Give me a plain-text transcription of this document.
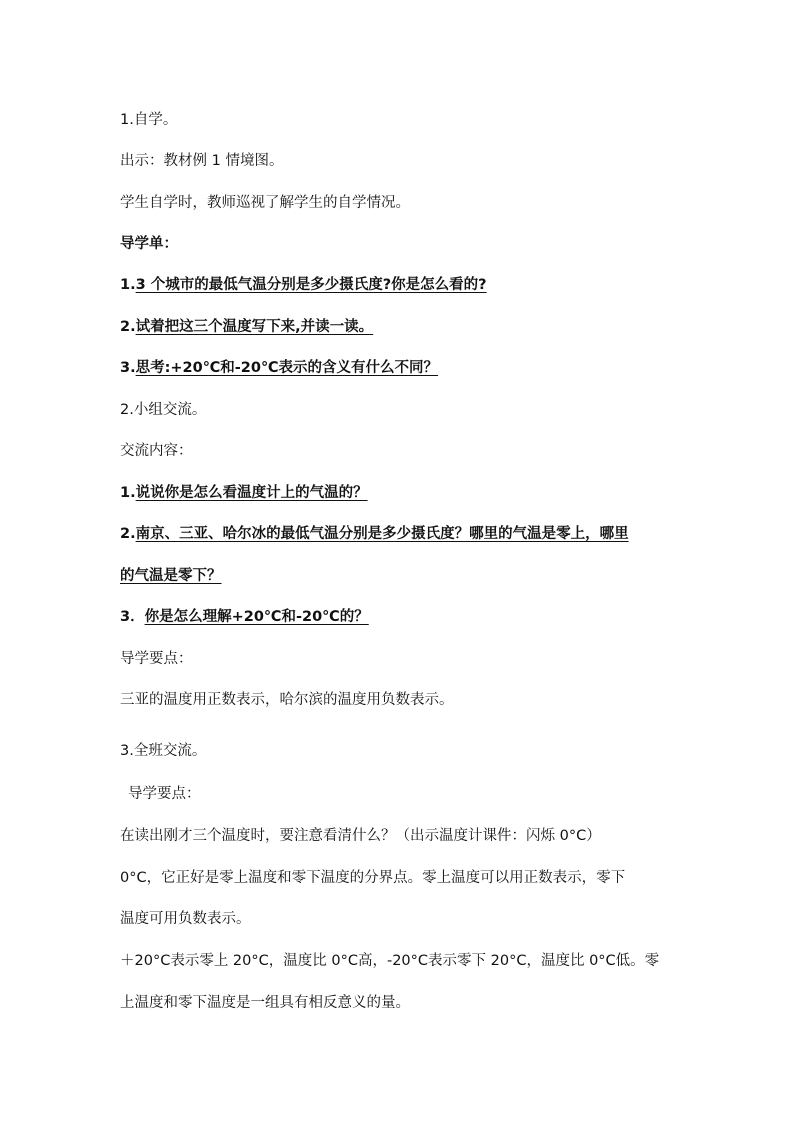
1.自学。

出示：教材例 1 情境图。

学生自学时，教师巡视了解学生的自学情况。

导学单：

1.3 个城市的最低气温分别是多少摄氏度?你是怎么看的?

2.试着把这三个温度写下来,并读一读。

3.思考:+20℃和-20℃表示的含义有什么不同？

2.小组交流。

交流内容：

1.说说你是怎么看温度计上的气温的？

2.南京、三亚、哈尔冰的最低气温分别是多少摄氏度？哪里的气温是零上，哪里

的气温是零下？

3．你是怎么理解+20℃和-20℃的？

导学要点：

三亚的温度用正数表示，哈尔滨的温度用负数表示。

3.全班交流。

导学要点：

在读出刚才三个温度时，要注意看清什么？（出示温度计课件：闪烁 0°C）

0°C，它正好是零上温度和零下温度的分界点。零上温度可以用正数表示，零下

温度可用负数表示。

＋20°C表示零上 20°C，温度比 0°C高，-20°C表示零下 20°C，温度比 0°C低。零

上温度和零下温度是一组具有相反意义的量。
